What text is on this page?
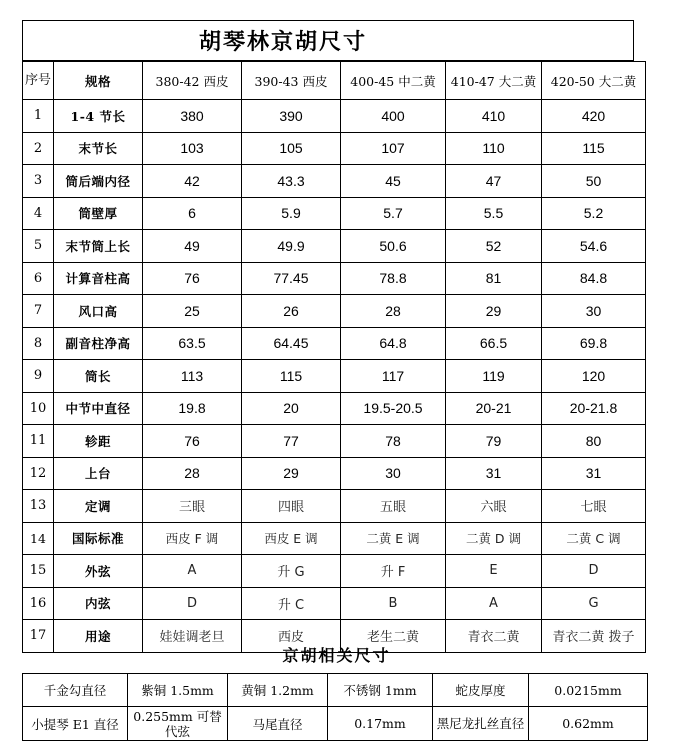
胡琴林京胡尺寸
序号	规格	380-42 西皮	390-43 西皮	400-45 中二黄	410-47 大二黄	420-50 大二黄
1	1-4 节长	380	390	400	410	420
2	末节长	103	105	107	110	115
3	筒后端内径	42	43.3	45	47	50
4	筒壁厚	6	5.9	5.7	5.5	5.2
5	末节筒上长	49	49.9	50.6	52	54.6
6	计算音柱高	76	77.45	78.8	81	84.8
7	风口高	25	26	28	29	30
8	副音柱净高	63.5	64.45	64.8	66.5	69.8
9	筒长	113	115	117	119	120
10	中节中直径	19.8	20	19.5-20.5	20-21	20-21.8
11	轸距	76	77	78	79	80
12	上台	28	29	30	31	31
13	定调	三眼	四眼	五眼	六眼	七眼
14	国际标准	西皮 F 调	西皮 E 调	二黄 E 调	二黄 D 调	二黄 C 调
15	外弦	A	升 G	升 F	E	D
16	内弦	D	升 C	B	A	G
17	用途	娃娃调老旦	西皮	老生二黄	青衣二黄	青衣二黄 拨子
京胡相关尺寸
千金勾直径	紫铜 1.5mm	黄铜 1.2mm	不锈钢 1mm	蛇皮厚度	0.0215mm
小提琴 E1 直径	0.255mm 可替代弦	马尾直径	0.17mm	黑尼龙扎丝直径	0.62mm
